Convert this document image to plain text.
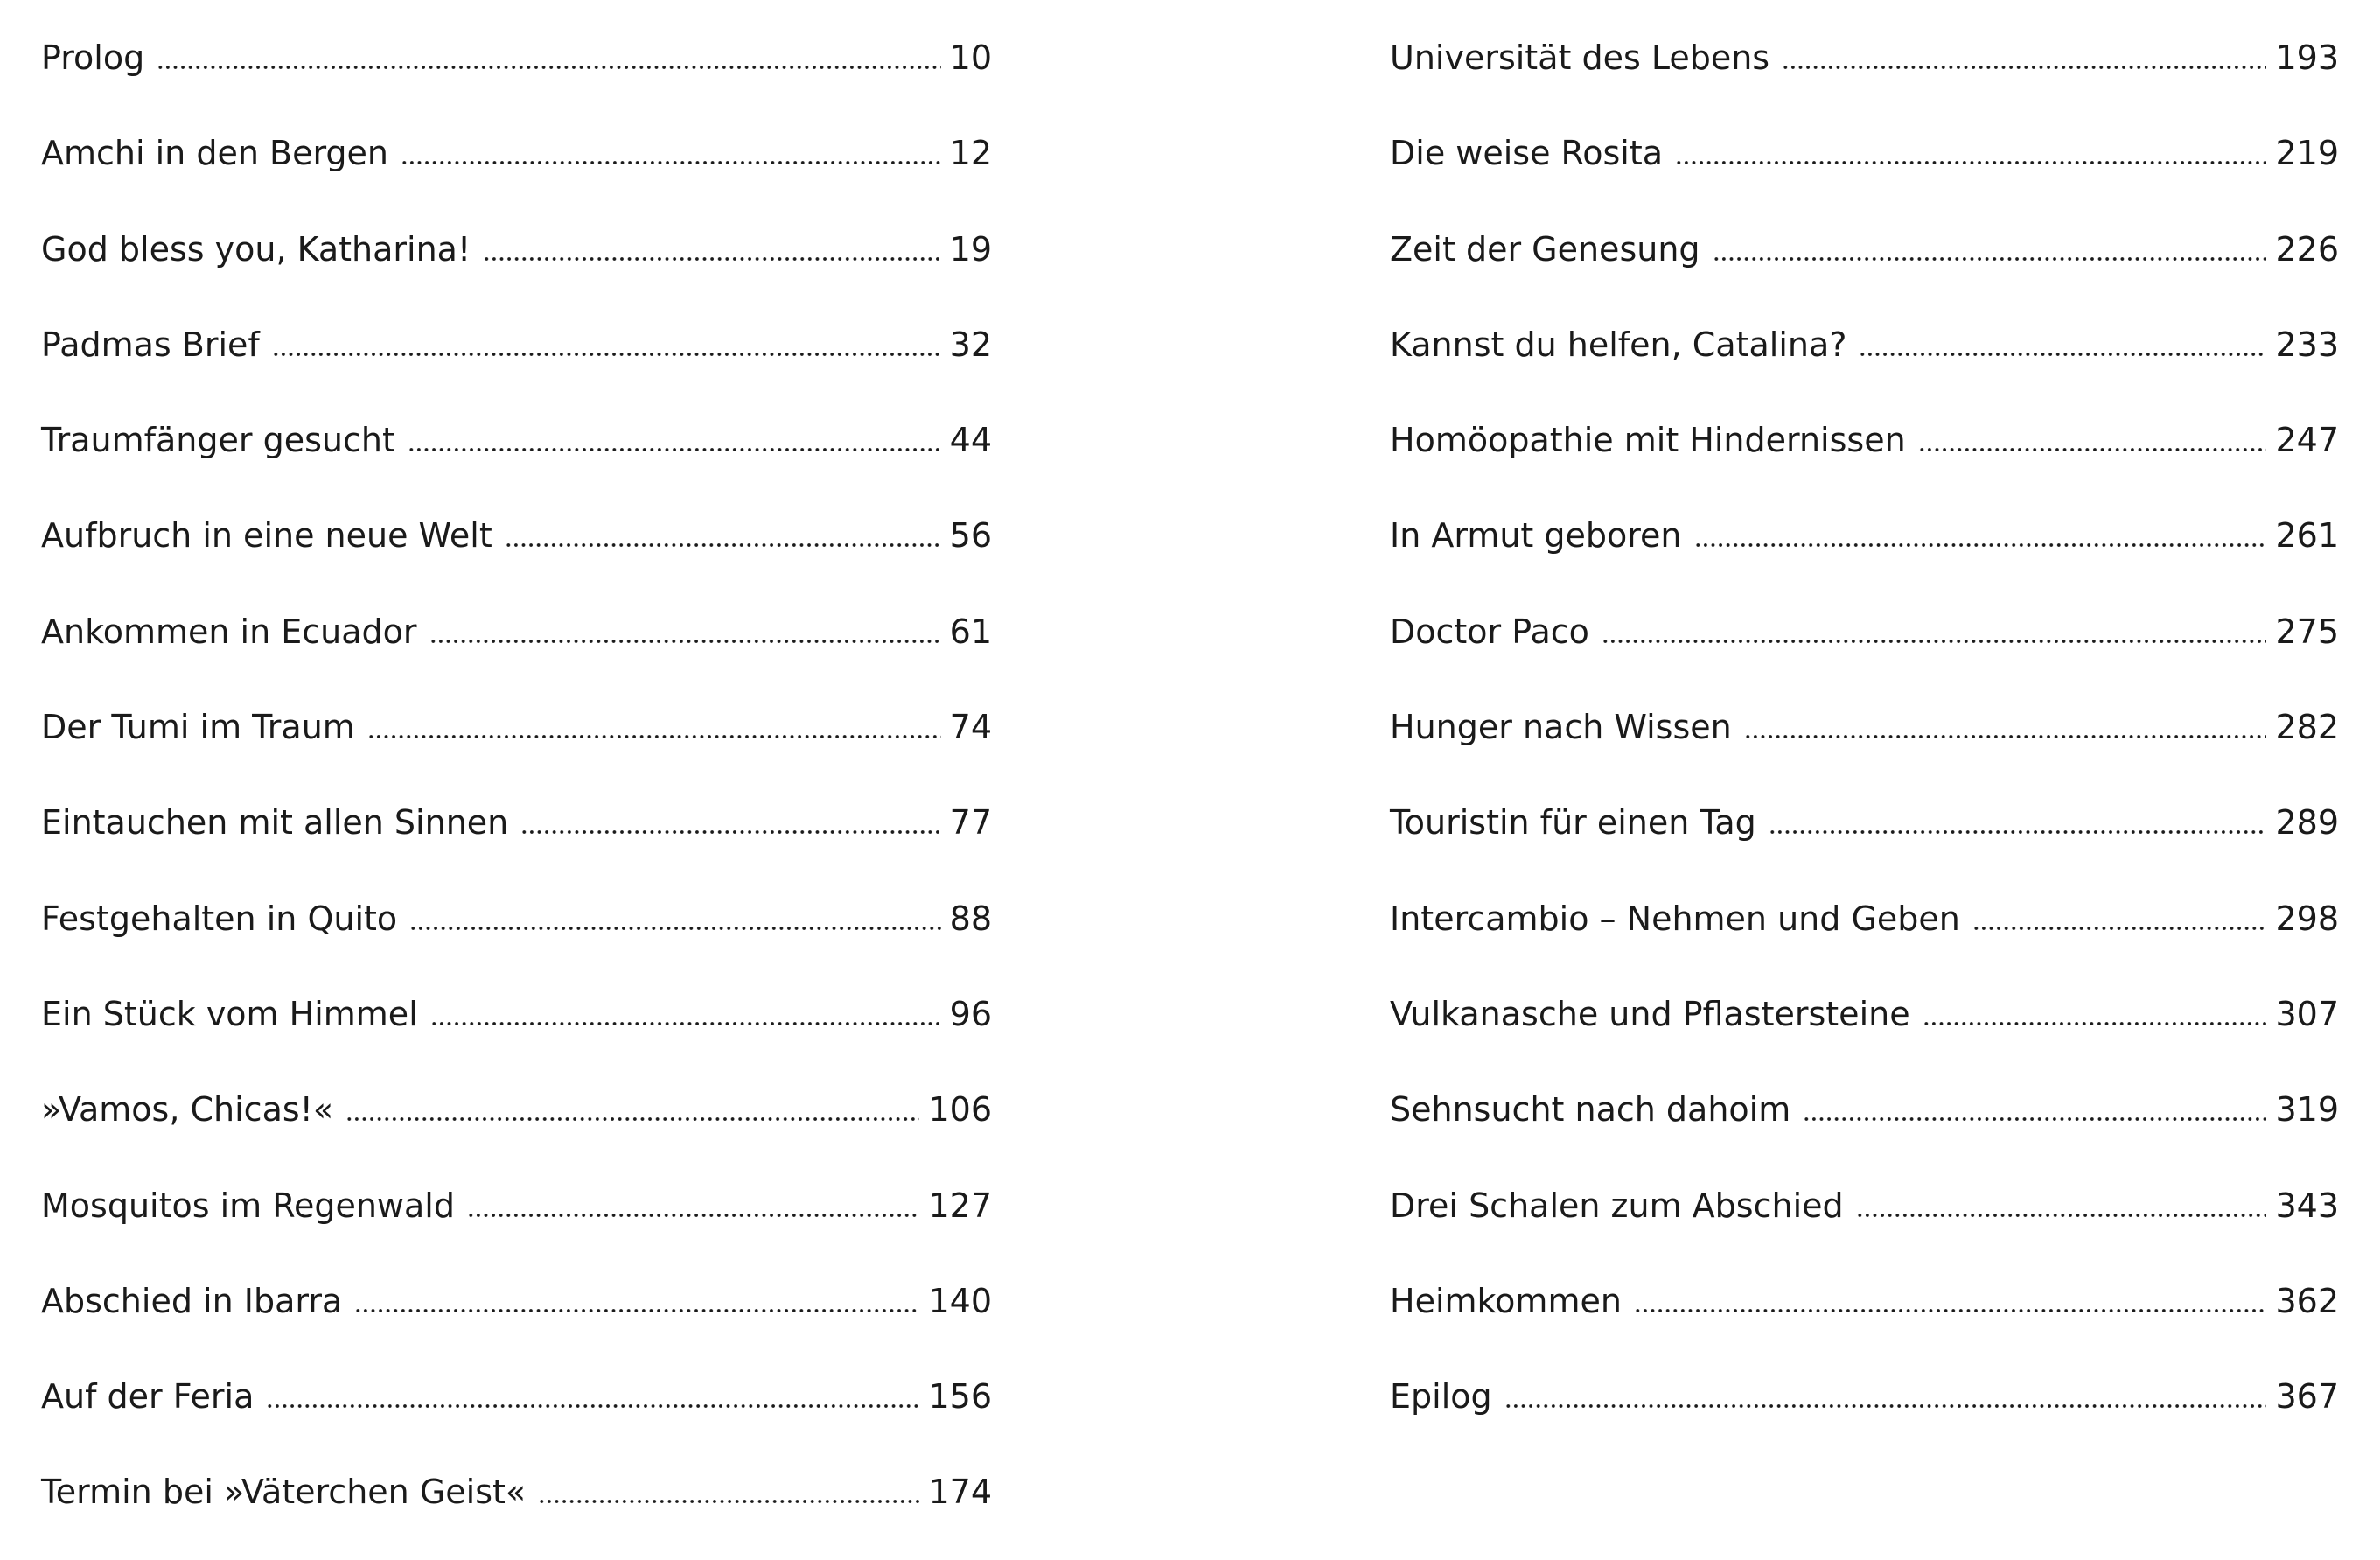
Prolog	10
Amchi in den Bergen	12
God bless you, Katharina!	19
Padmas Brief	32
Traumfänger gesucht	44
Aufbruch in eine neue Welt	56
Ankommen in Ecuador	61
Der Tumi im Traum	74
Eintauchen mit allen Sinnen	77
Festgehalten in Quito	88
Ein Stück vom Himmel	96
»Vamos, Chicas!«	106
Mosquitos im Regenwald	127
Abschied in Ibarra	140
Auf der Feria	156
Termin bei »Väterchen Geist«	174
Universität des Lebens	193
Die weise Rosita	219
Zeit der Genesung	226
Kannst du helfen, Catalina?	233
Homöopathie mit Hindernissen	247
In Armut geboren	261
Doctor Paco	275
Hunger nach Wissen	282
Touristin für einen Tag	289
Intercambio – Nehmen und Geben	298
Vulkanasche und Pflastersteine	307
Sehnsucht nach dahoim	319
Drei Schalen zum Abschied	343
Heimkommen	362
Epilog	367
